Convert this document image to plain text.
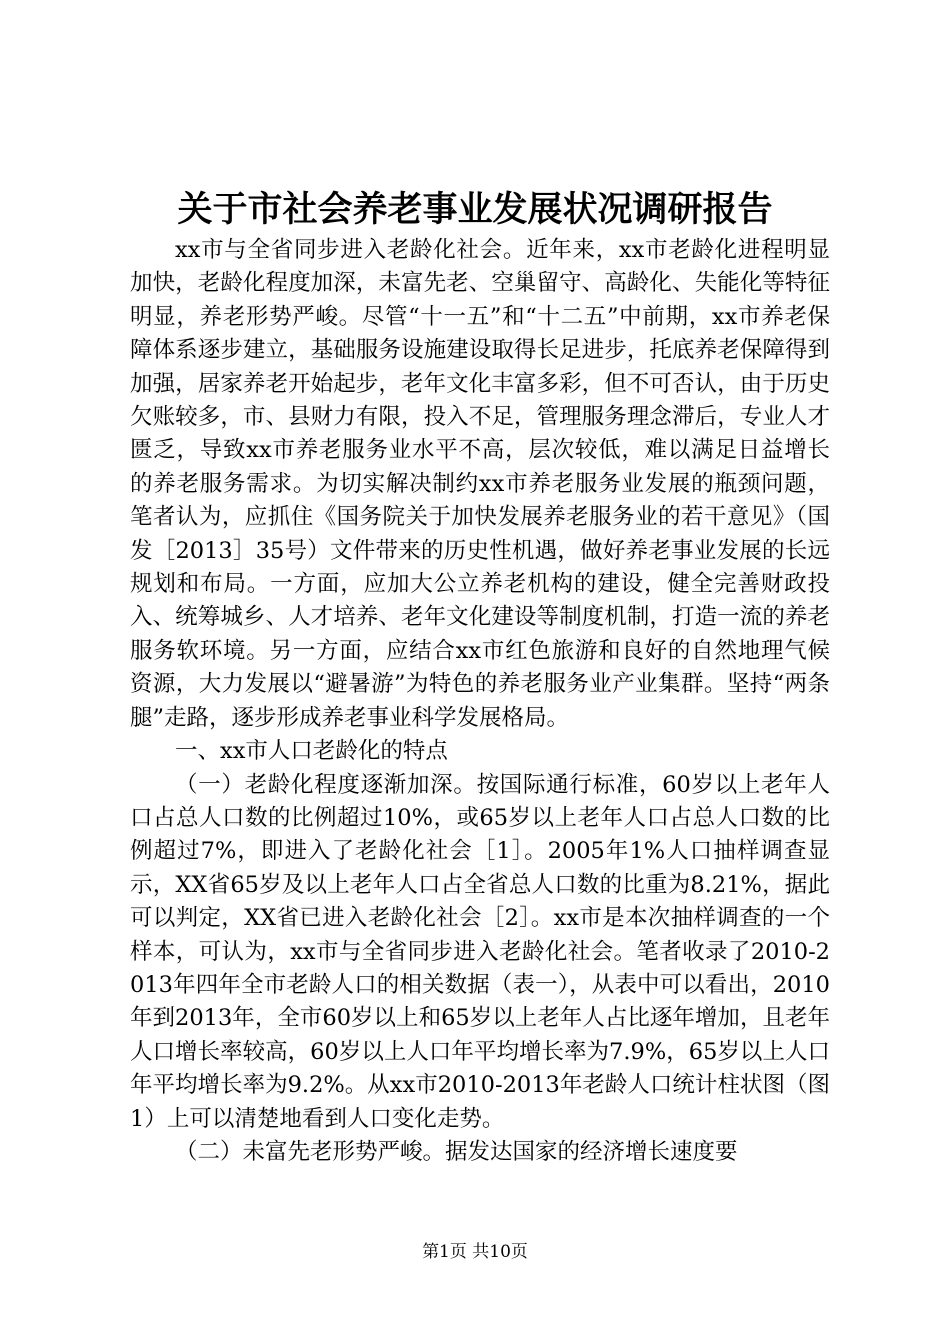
关于市社会养老事业发展状况调研报告

xx市与全省同步进入老龄化社会。近年来，xx市老龄化进程明显加快，老龄化程度加深，未富先老、空巢留守、高龄化、失能化等特征明显，养老形势严峻。尽管“十一五”和“十二五”中前期，xx市养老保障体系逐步建立，基础服务设施建设取得长足进步，托底养老保障得到加强，居家养老开始起步，老年文化丰富多彩，但不可否认，由于历史欠账较多，市、县财力有限，投入不足，管理服务理念滞后，专业人才匮乏，导致xx市养老服务业水平不高，层次较低，难以满足日益增长的养老服务需求。为切实解决制约xx市养老服务业发展的瓶颈问题，笔者认为，应抓住《国务院关于加快发展养老服务业的若干意见》（国发［2013］35号）文件带来的历史性机遇，做好养老事业发展的长远规划和布局。一方面，应加大公立养老机构的建设，健全完善财政投入、统筹城乡、人才培养、老年文化建设等制度机制，打造一流的养老服务软环境。另一方面，应结合xx市红色旅游和良好的自然地理气候资源，大力发展以“避暑游”为特色的养老服务业产业集群。坚持“两条腿”走路，逐步形成养老事业科学发展格局。

一、xx市人口老龄化的特点

（一）老龄化程度逐渐加深。按国际通行标准，60岁以上老年人口占总人口数的比例超过10%，或65岁以上老年人口占总人口数的比例超过7%，即进入了老龄化社会［1］。2005年1%人口抽样调查显示，XX省65岁及以上老年人口占全省总人口数的比重为8.21%，据此可以判定，XX省已进入老龄化社会［2］。xx市是本次抽样调查的一个样本，可认为，xx市与全省同步进入老龄化社会。笔者收录了2010-2013年四年全市老龄人口的相关数据（表一），从表中可以看出，2010年到2013年，全市60岁以上和65岁以上老年人占比逐年增加，且老年人口增长率较高，60岁以上人口年平均增长率为7.9%，65岁以上人口年平均增长率为9.2%。从xx市2010-2013年老龄人口统计柱状图（图1）上可以清楚地看到人口变化走势。

（二）未富先老形势严峻。据发达国家的经济增长速度要

第1页 共10页
